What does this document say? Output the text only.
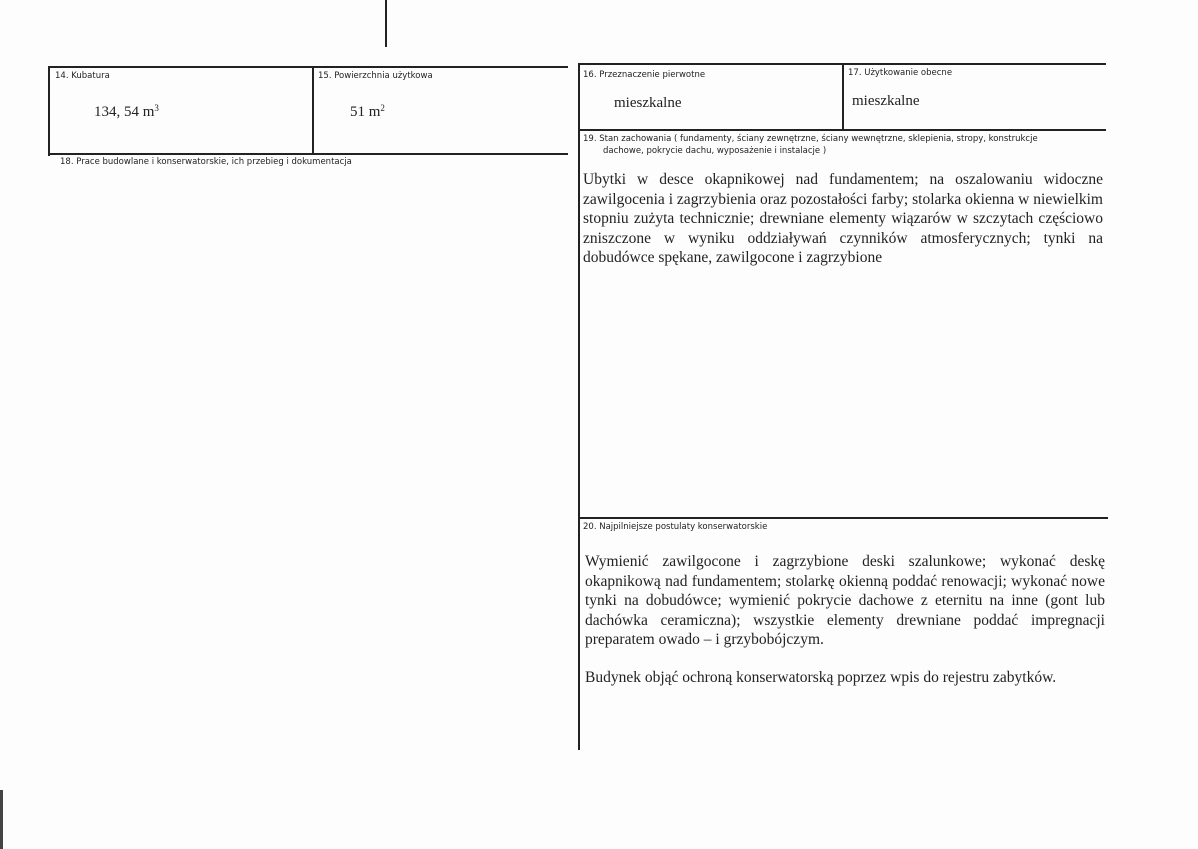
14. Kubatura
134, 54 $m^3$
15. Powierzchnia użytkowa
51 $m^2$
18. Prace budowlane i konserwatorskie, ich przebieg i dokumentacja
16. Przeznaczenie pierwotne
mieszkalne
17. Użytkowanie obecne
mieszkalne
19. Stan zachowania ( fundamenty, ściany zewnętrzne, ściany wewnętrzne, sklepienia, stropy, konstrukcje
dachowe, pokrycie dachu, wyposażenie i instalacje )
Ubytki w desce okapnikowej nad fundamentem; na oszalowaniu widoczne zawilgocenia i zagrzybienia oraz pozostałości farby; stolarka okienna w niewielkim stopniu zużyta technicznie; drewniane elementy wiązarów w szczytach częściowo zniszczone w wyniku oddziaływań czynników atmosferycznych; tynki na dobudówce spękane, zawilgocone i zagrzybione
20. Najpilniejsze postulaty konserwatorskie
Wymienić zawilgocone i zagrzybione deski szalunkowe; wykonać deskę okapnikową nad fundamentem; stolarkę okienną poddać renowacji; wykonać nowe tynki na dobudówce; wymienić pokrycie dachowe z eternitu na inne (gont lub dachówka ceramiczna); wszystkie elementy drewniane poddać impregnacji preparatem owado – i grzybobójczym.
Budynek objąć ochroną konserwatorską poprzez wpis do rejestru zabytków.
